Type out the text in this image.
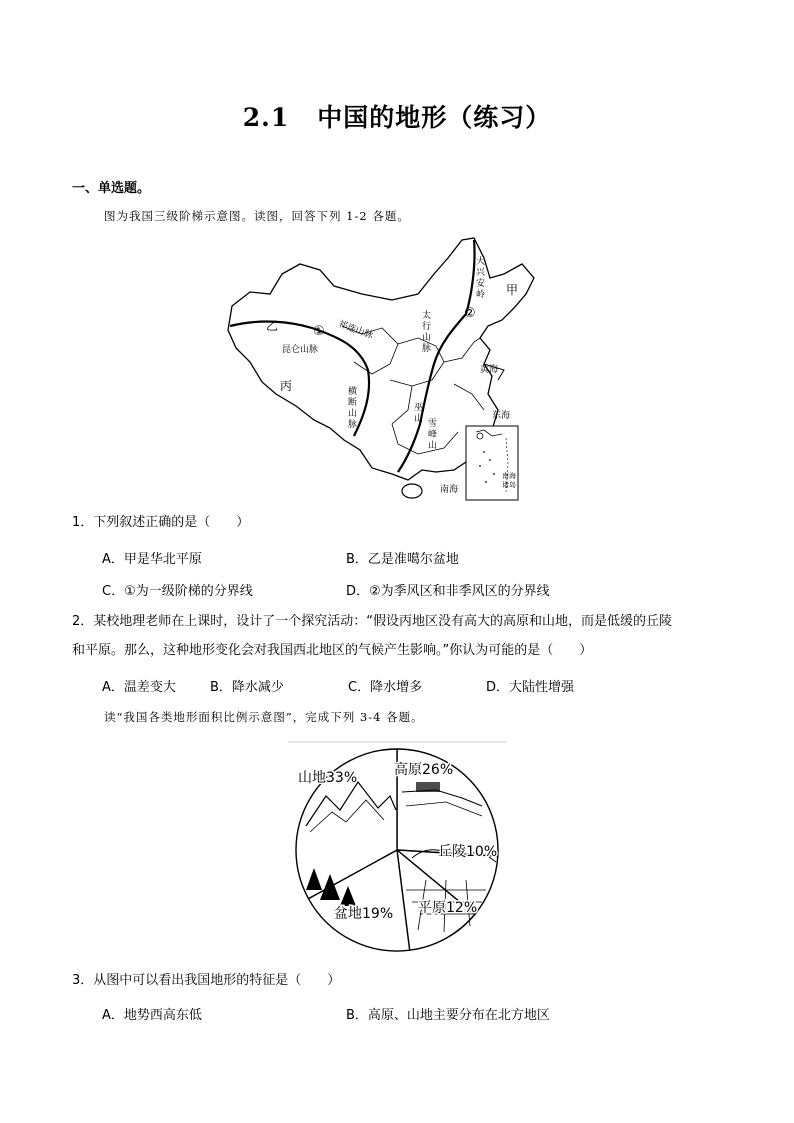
2.1 中国的地形（练习）
一、单选题。
图为我国三级阶梯示意图。读图，回答下列 1-2 各题。
甲
乙
丙
①
②
大
兴
安
岭
祁连山脉
昆仑山脉
太
行
山
脉
横
断
山
脉
巫
山 雪
峰
山
黄海
东海
南海
南海
诸岛
1．下列叙述正确的是（　　）
A．甲是华北平原	B．乙是准噶尔盆地
C．①为一级阶梯的分界线	D．②为季风区和非季风区的分界线
2．某校地理老师在上课时，设计了一个探究活动：“假设丙地区没有高大的高原和山地，而是低缓的丘陵
和平原。那么，这种地形变化会对我国西北地区的气候产生影响。”你认为可能的是（　　）
A．温差变大	B．降水减少	C．降水增多	D．大陆性增强
读“我国各类地形面积比例示意图”，完成下列 3-4 各题。
高原26%
丘陵10%
平原12%
盆地19%
山地33%
3．从图中可以看出我国地形的特征是（　　）
A．地势西高东低	B．高原、山地主要分布在北方地区
